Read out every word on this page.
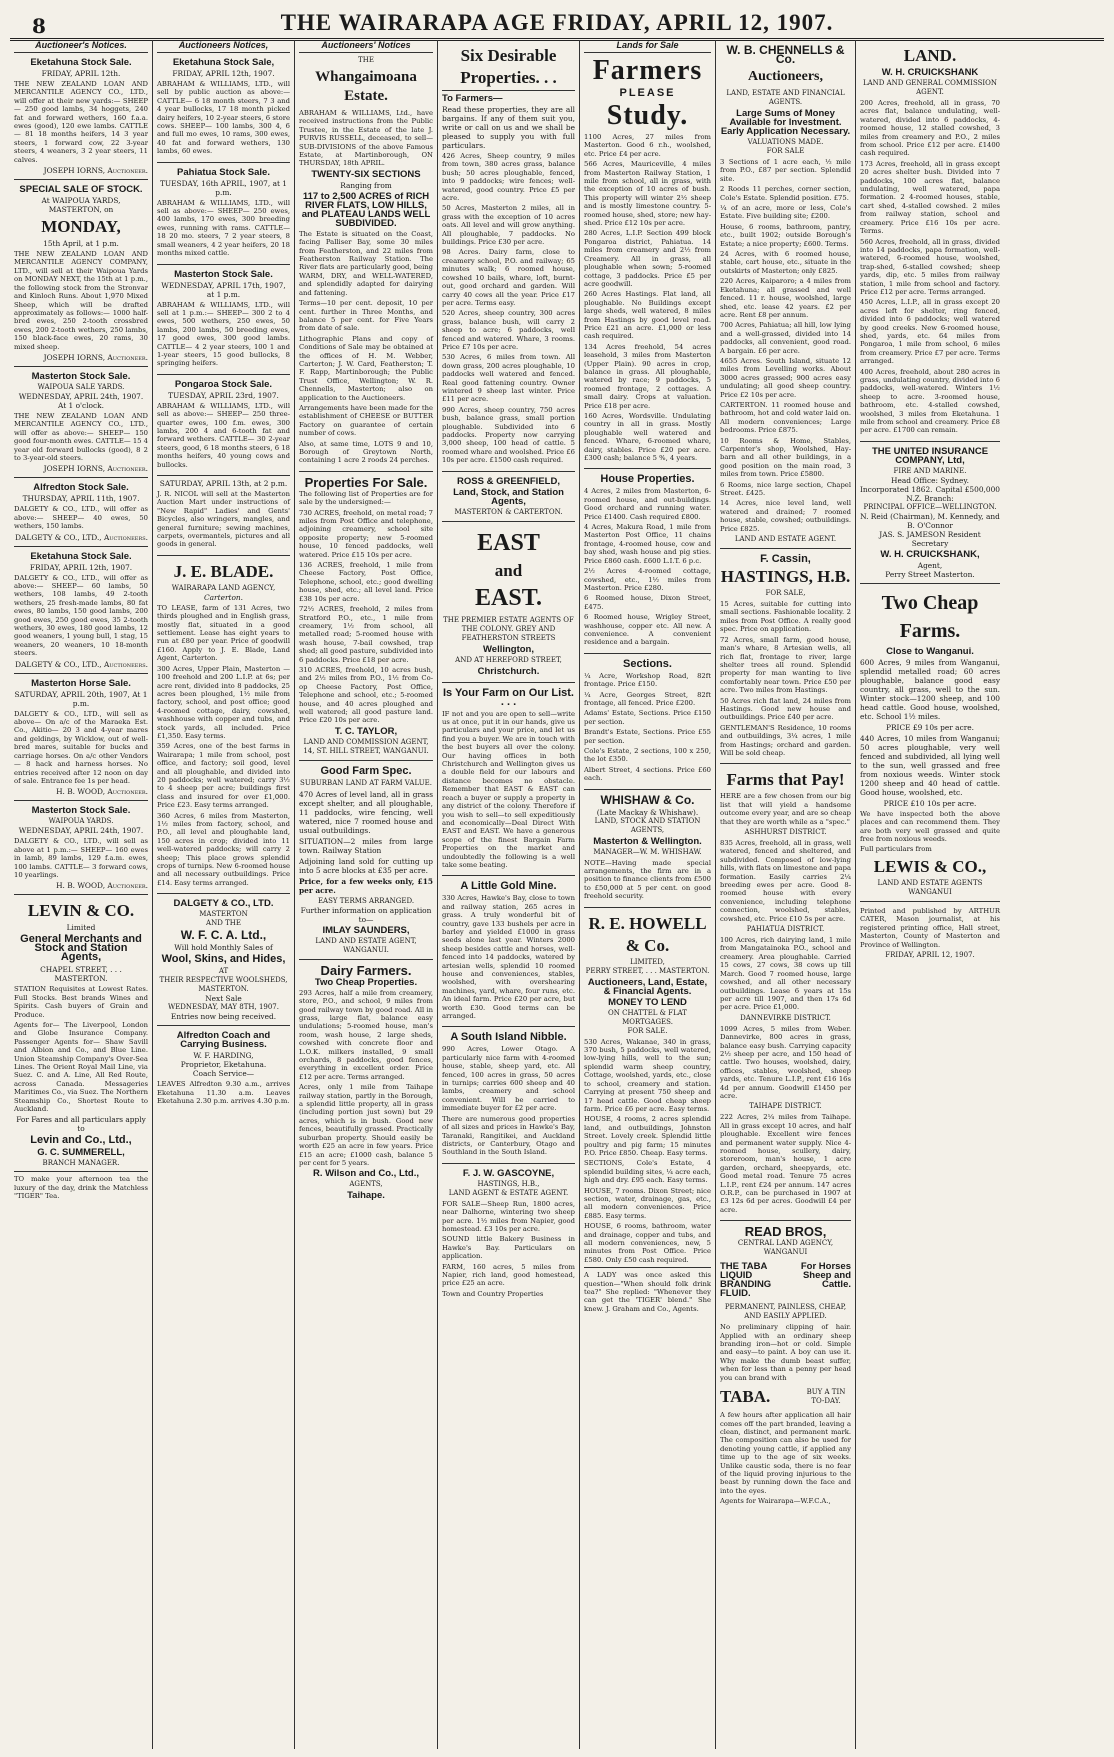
8	THE WAIRARAPA AGE FRIDAY, APRIL 12, 1907.
Auctioneer's Notices.
Eketahuna Stock Sale.
FRIDAY, APRIL 12th.
THE NEW ZEALAND LOAN AND MERCANTILE AGENCY CO., LTD., will offer at their new yards:— SHEEP— 250 good lambs, 34 hoggets, 240 fat and forward wethers, 160 f.a.a. ewes (good), 120 ewe lambs. CATTLE— 81 18 months heifers, 14 3 year steers, 1 forward cow, 22 3-year steers, 4 weaners, 3 2 year steers, 11 calves.
JOSEPH IORNS, Auctioneer.
SPECIAL SALE OF STOCK.
At WAIPOUA YARDS, MASTERTON, on
MONDAY,
15th April, at 1 p.m.
THE NEW ZEALAND LOAN AND MERCANTILE AGENCY COMPANY, LTD., will sell at their Waipoua Yards on MONDAY NEXT, the 15th at 1 p.m., the following stock from the Stronvar and Kinloch Runs. About 1,970 Mixed Sheep, which will be drafted approximately as follows:— 1000 half-bred ewes, 250 2-tooth crossbred ewes, 200 2-tooth wethers, 250 lambs, 150 black-face ewes, 20 rams, 30 mixed sheep.
JOSEPH IORNS, Auctioneer.
Masterton Stock Sale.
WAIPOUA SALE YARDS.
WEDNESDAY, APRIL 24th, 1907. At 1 o'clock.
THE NEW ZEALAND LOAN AND MERCANTILE AGENCY CO., LTD., will offer as above:— SHEEP— 150 good four-month ewes. CATTLE— 15 4 year old forward bullocks (good), 8 2 to 3-year-old steers.
JOSEPH IORNS, Auctioneer.
Alfredton Stock Sale.
THURSDAY, APRIL 11th, 1907.
DALGETY & CO., LTD., will offer as above:— SHEEP— 40 ewes, 50 wethers, 150 lambs.
DALGETY & CO., LTD., Auctioneers.
Eketahuna Stock Sale.
FRIDAY, APRIL 12th, 1907.
DALGETY & CO., LTD., will offer as above:— SHEEP— 60 lambs, 50 wethers, 108 lambs, 49 2-tooth wethers, 25 fresh-made lambs, 80 fat ewes, 80 lambs, 150 good lambs, 200 good ewes, 250 good ewes, 35 2-tooth wethers, 30 ewes, 180 good lambs, 12 good weaners, 1 young bull, 1 stag, 15 weaners, 20 weaners, 10 18-month steers.
DALGETY & CO., LTD., Auctioneers.
Masterton Horse Sale.
SATURDAY, APRIL 20th, 1907, At 1 p.m.
DALGETY & CO., LTD., will sell as above— On a/c of the Maraeka Est. Co., Akitio— 20 3 and 4-year mares and geldings, by Wicklow, out of well-bred mares, suitable for bucks and carriage horses. On a/c other Vendors— 8 hack and harness horses. No entries received after 12 noon on day of sale. Entrance fee 1s per head.
H. B. WOOD, Auctioneer.
Masterton Stock Sale.
WAIPOUA YARDS.
WEDNESDAY, APRIL 24th, 1907.
DALGETY & CO., LTD., will sell as above at 1 p.m.:— SHEEP— 160 ewes in lamb, 89 lambs, 129 f.a.m. ewes, 100 lambs. CATTLE— 3 forward cows, 10 yearlings.
H. B. WOOD, Auctioneer.
LEVIN & CO.
Limited
General Merchants and Stock and Station Agents,
CHAPEL STREET, . . . MASTERTON.
STATION Requisites at Lowest Rates. Full Stocks. Best brands Wines and Spirits. Cash buyers of Grain and Produce.
Agents for— The Liverpool, London and Globe Insurance Company. Passenger Agents for— Shaw Savill and Albion and Co., and Blue Line. Union Steamship Company's Over-Sea Lines. The Orient Royal Mail Line, via Suez. C. and A. Line, All Red Route, across Canada. Messageries Maritimes Co., via Suez. The Northern Steamship Co., Shortest Route to Auckland.
For Fares and all particulars apply to
Levin and Co., Ltd.,
G. C. SUMMERELL,
BRANCH MANAGER.
TO make your afternoon tea the luxury of the day, drink the Matchless "TIGER" Tea.
Auctioneers Notices,
Eketahuna Stock Sale,
FRIDAY, APRIL 12th, 1907.
ABRAHAM & WILLIAMS, LTD., will sell by public auction as above:— CATTLE— 6 18 month steers, 7 3 and 4 year bullocks, 17 18 month picked dairy heifers, 10 2-year steers, 6 store cows. SHEEP— 100 lambs, 300 4, 6 and full mo ewes, 10 rams, 300 ewes, 40 fat and forward wethers, 130 lambs, 60 ewes.
Pahiatua Stock Sale.
TUESDAY, 16th APRIL, 1907, at 1 p.m.
ABRAHAM & WILLIAMS, LTD., will sell as above:— SHEEP— 250 ewes, 400 lambs, 170 ewes, 300 breeding ewes, running with rams. CATTLE— 18 20 mo. steers, 7 2 year steers, 8 small weaners, 4 2 year heifers, 20 18 months mixed cattle.
Masterton Stock Sale.
WEDNESDAY, APRIL 17th, 1907, at 1 p.m.
ABRAHAM & WILLIAMS, LTD., will sell at 1 p.m.:— SHEEP— 300 2 to 4 ewes, 500 wethers, 250 ewes, 50 lambs, 200 lambs, 50 breeding ewes, 17 good ewes, 300 good lambs. CATTLE— 4 2 year steers, 100 1 and 1-year steers, 15 good bullocks, 8 springing heifers.
Pongaroa Stock Sale.
TUESDAY, APRIL 23rd, 1907.
ABRAHAM & WILLIAMS, LTD., will sell as above:— SHEEP— 250 three-quarter ewes, 100 f.m. ewes, 300 lambs, 200 4 and 6-tooth fat and forward wethers. CATTLE— 30 2-year steers, good, 6 18 months steers, 6 18 months heifers, 40 young cows and bullocks.
SATURDAY, APRIL 13th, at 2 p.m.
J. R. NICOL will sell at the Masterton Auction Mart under instructions of "New Rapid" Ladies' and Gents' Bicycles, also wringers, mangles, and general furniture; sewing machines, carpets, overmantels, pictures and all goods in general.
J. E. BLADE.
WAIRARAPA LAND AGENCY,
Carterton.
TO LEASE, farm of 131 Acres, two thirds ploughed and in English grass, mostly flat, situated in a good settlement. Lease has eight years to run at £80 per year. Price of goodwill £160. Apply to J. E. Blade, Land Agent, Carterton.
300 Acres, Upper Plain, Masterton — 100 freehold and 200 L.I.P. at 6s; per acre rent, divided into 8 paddocks, 25 acres been ploughed, 1½ mile from factory, school, and post office; good 4-roomed cottage, dairy, cowshed, washhouse with copper and tubs, and stock yards, all included. Price £1,350. Easy terms.
359 Acres, one of the best farms in Wairarapa; 1 mile from school, post office, and factory; soil good, level and all ploughable, and divided into 20 paddocks; well watered; carry 3½ to 4 sheep per acre; buildings first class and insured for over £1,000. Price £23. Easy terms arranged.
360 Acres, 6 miles from Masterton, 1½ miles from factory, school, and P.O., all level and ploughable land, 150 acres in crop; divided into 11 well-watered paddocks; will carry 2 sheep; This place grows splendid crops of turnips. New 6-roomed house and all necessary outbuildings. Price £14. Easy terms arranged.
DALGETY & CO., LTD.
MASTERTON
AND THE
W. F. C. A. Ltd.,
Will hold Monthly Sales of
Wool, Skins, and Hides,
AT
THEIR RESPECTIVE WOOLSHEDS, MASTERTON.
Next Sale
WEDNESDAY, MAY 8TH, 1907.
Entries now being received.
Alfredton Coach and Carrying Business.
W. F. HARDING,
Proprietor, Eketahuna.
Coach Service—
LEAVES Alfredton 9.30 a.m., arrives Eketahuna 11.30 a.m. Leaves Eketahuna 2.30 p.m. arrives 4.30 p.m.
Auctioneers' Notices
THE
Whangaimoana Estate.
ABRAHAM & WILLIAMS, Ltd., have received instructions from the Public Trustee, in the Estate of the late J. PURVIS RUSSELL, deceased, to sell— SUB-DIVISIONS of the above Famous Estate, at Martinborough, ON THURSDAY, 18th APRIL.
TWENTY-SIX SECTIONS
Ranging from
117 to 2,500 ACRES of RICH RIVER FLATS, LOW HILLS, and PLATEAU LANDS WELL SUBDIVIDED.
The Estate is situated on the Coast, facing Palliser Bay, some 30 miles from Featherston, and 22 miles from Featherston Railway Station. The River flats are particularly good, being WARM, DRY, and WELL-WATERED, and splendidly adapted for dairying and fattening.
Terms—10 per cent. deposit, 10 per cent. further in Three Months, and balance 5 per cent. for Five Years from date of sale.
Lithographic Plans and copy of Conditions of Sale may be obtained at the offices of H. M. Webber, Carterton; J. W. Card, Featherston; T. F. Rapp, Martinborough; the Public Trust Office, Wellington; W. R. Chennells, Masterton; also on application to the Auctioneers.
Arrangements have been made for the establishment of CHEESE or BUTTER Factory on guarantee of certain number of cows.
Also, at same time, LOTS 9 and 10, Borough of Greytown North, containing 1 acre 2 roods 24 perches.
Properties For Sale.
The following list of Properties are for sale by the undersigned:—
730 ACRES, freehold, on metal road; 7 miles from Post Office and telephone, adjoining creamery, school site opposite property; new 5-roomed house, 10 fenced paddocks, well watered. Price £15 10s per acre.
136 ACRES, freehold, 1 mile from Cheese Factory, Post Office, Telephone, school, etc.; good dwelling house, shed, etc.; all level land. Price £38 10s per acre.
72½ ACRES, freehold, 2 miles from Stratford P.O., etc., 1 mile from creamery, 1½ from school, all metalled road; 5-roomed house with wash house, 7-bail cowshed, trap shed; all good pasture, subdivided into 6 paddocks. Price £18 per acre.
310 ACRES, freehold, 10 acres bush, and 2½ miles from P.O., 1½ from Co-op Cheese Factory, Post Office, Telephone and school, etc.; 5-roomed house, and 40 acres ploughed and well watered; all good pasture land. Price £20 10s per acre.
T. C. TAYLOR,
LAND AND COMMISSION AGENT, 14, ST. HILL STREET, WANGANUI.
Good Farm Spec.
SUBURBAN LAND AT FARM VALUE.
470 Acres of level land, all in grass except shelter, and all ploughable, 11 paddocks, wire fencing, well watered, nice 7 roomed house and usual outbuildings.
SITUATION—2 miles from large town. Railway Station
Adjoining land sold for cutting up into 5 acre blocks at £35 per acre.
Price, for a few weeks only, £15 per acre.
EASY TERMS ARRANGED.
Further information on application to—
IMLAY SAUNDERS,
LAND AND ESTATE AGENT, WANGANUI.
Dairy Farmers.
Two Cheap Properties.
293 Acres, half a mile from creamery, store, P.O., and school, 9 miles from good railway town by good road. All in grass, large flat, balance easy undulations; 5-roomed house, man's room, wash house, 2 large sheds, cowshed with concrete floor and L.O.K. milkers installed, 9 small orchards, 8 paddocks, good fences, everything in excellent order. Price £12 per acre. Terms arranged.
Acres, only 1 mile from Taihape railway station, partly in the Borough, a splendid little property, all in grass (including portion just sown) but 29 acres, which is in bush. Good new fences, beautifully grassed. Practically suburban property. Should easily be worth £25 an acre in few years. Price £15 an acre; £1000 cash, balance 5 per cent for 5 years.
R. Wilson and Co., Ltd.,
AGENTS,
Taihape.
Six Desirable
Properties. . .
To Farmers—
Read these properties, they are all bargains. If any of them suit you, write or call on us and we shall be pleased to supply you with full particulars.
426 Acres, Sheep country, 9 miles from town, 380 acres grass, balance bush; 50 acres ploughable, fenced, into 9 paddocks; wire fences; well-watered, good country. Price £5 per acre.
50 Acres, Masterton 2 miles, all in grass with the exception of 10 acres oats. All level and will grow anything. All ploughable, 7 paddocks. No buildings. Price £30 per acre.
98 Acres. Dairy farm, close to creamery school, P.O. and railway; 65 minutes walk; 6 roomed house, cowshed 10 bails, whare, loft, burnt-out, good orchard and garden. Will carry 40 cows all the year. Price £17 per acre. Terms easy.
520 Acres, sheep country, 300 acres grass, balance bush, will carry 2 sheep to acre; 6 paddocks, well fenced and watered. Whare, 3 rooms. Price £7 10s per acre.
530 Acres, 6 miles from town. All down grass, 200 acres ploughable, 10 paddocks well watered and fenced. Real good fattening country. Owner wintered 9 sheep last winter. Price £11 per acre.
990 Acres, sheep country, 750 acres bush, balance grass, small portion ploughable. Subdivided into 6 paddocks. Property now carrying 3,000 sheep, 100 head of cattle. 5 roomed whare and woolshed. Price £6 10s per acre. £1500 cash required.
ROSS & GREENFIELD,
Land, Stock, and Station Agents,
MASTERTON & CARTERTON.
EAST
and
EAST.
THE PREMIER ESTATE AGENTS OF THE COLONY. GREY AND FEATHERSTON STREETS
Wellington,
AND AT HEREFORD STREET,
Christchurch.
Is Your Farm on Our List. . . .
IF not and you are open to sell—write us at once, put it in our hands, give us particulars and your price, and let us find you a buyer. We are in touch with the best buyers all over the colony. Our having offices in both Christchurch and Wellington gives us a double field for our labours and distance becomes no obstacle. Remember that EAST & EAST can reach a buyer or supply a property in any district of the colony. Therefore if you wish to sell—to sell expeditiously and economically—Deal Direct With EAST and EAST. We have a generous scope of the finest Bargain Farm Properties on the market and undoubtedly the following is a well take some beating.
A Little Gold Mine.
330 Acres, Hawke's Bay, close to town and railway station, 265 acres in grass. A truly wonderful bit of country, gave 133 bushels per acre in barley and yielded £1000 in grass seeds alone last year. Winters 2000 sheep besides cattle and horses, well-fenced into 14 paddocks, watered by artesian wells, splendid 10 roomed house and conveniences, stables, woolshed, with overshearing machines, yard, whare, four runs, etc. An ideal farm. Price £20 per acre, but worth £30. Good terms can be arranged.
A South Island Nibble.
990 Acres, Lower Otago. A particularly nice farm with 4-roomed house, stable, sheep yard, etc. All fenced, 100 acres in grass, 50 acres in turnips; carries 600 sheep and 40 lambs, creamery and school convenient. Will be carried to immediate buyer for £2 per acre.
There are numerous good properties of all sizes and prices in Hawke's Bay, Taranaki, Rangitikei, and Auckland districts, or Canterbury, Otago and Southland in the South Island.
F. J. W. GASCOYNE,
HASTINGS, H.B.,
LAND AGENT & ESTATE AGENT.
FOR SALE—Sheep Run, 1800 acres, near Dalhorne, wintering two sheep per acre. 1½ miles from Napier, good homestead. £3 10s per acre.
SOUND little Bakery Business in Hawke's Bay. Particulars on application.
FARM, 160 acres, 5 miles from Napier, rich land, good homestead, price £25 an acre.
Town and Country Properties
Lands for Sale
Farmers
PLEASE
Study.
1100 Acres, 27 miles from Masterton. Good 6 r.h., woolshed, etc. Price £4 per acre.
566 Acres, Mauriceville, 4 miles from Masterton Railway Station, 1 mile from school, all in grass, with the exception of 10 acres of bush. This property will winter 2½ sheep and is mostly limestone country. 5-roomed house, shed, store; new hay-shed. Price £12 10s per acre.
280 Acres, L.I.P. Section 499 block Pongaroa district, Pahiatua. 14 miles from creamery and 2½ from Creamery. All in grass, all ploughable when sown; 5-roomed cottage, 3 paddocks. Price £5 per acre goodwill.
260 Acres Hastings. Flat land, all ploughable. No Buildings except large sheds, well watered, 8 miles from Hastings by good level road. Price £21 an acre. £1,000 or less cash required.
134 Acres freehold, 54 acres leasehold, 3 miles from Masterton (Upper Plain). 90 acres in crop, balance in grass. All ploughable, watered by race; 9 paddocks, 5 roomed frontage, 2 cottages. A small dairy. Crops at valuation. Price £18 per acre.
160 Acres, Wordsville. Undulating country in all in grass. Mostly ploughable well watered and fenced. Whare, 6-roomed whare, dairy, stables. Price £20 per acre. £300 cash; balance 5 %, 4 years.
House Properties.
4 Acres, 2 miles from Masterton, 6-roomed house, and out-buildings. Good orchard and running water. Price £1400. Cash required £800.
4 Acres, Makura Road, 1 mile from Masterton Post Office, 11 chains frontage, 4-roomed house, cow and bay shed, wash house and pig sties. Price £860 cash. £600 L.I.T. 6 p.c.
2½ Acres 4-roomed cottage, cowshed, etc., 1½ miles from Masterton. Price £280.
6 Roomed house, Dixon Street, £475.
6 Roomed house, Wrigley Street, washhouse, copper etc. All new. A convenience. A convenient residence and a bargain.
Sections.
¼ Acre, Workshop Road, 82ft frontage. Price £150.
¼ Acre, Georges Street, 82ft frontage, all fenced. Price £200.
Adams' Estate, Sections. Price £150 per section.
Brandt's Estate, Sections. Price £55 per section.
Cole's Estate, 2 sections, 100 x 250, the lot £350.
Albert Street, 4 sections. Price £60 each.
WHISHAW & Co.
(Late Mackay & Whishaw).
LAND, STOCK AND STATION AGENTS,
Masterton & Wellington.
MANAGER—W. M. WHISHAW.
NOTE—Having made special arrangements, the firm are in a position to finance clients from £500 to £50,000 at 5 per cent. on good freehold security.
R. E. HOWELL
& Co.
LIMITED,
PERRY STREET, . . . MASTERTON.
Auctioneers, Land, Estate, & Financial Agents.
MONEY TO LEND
ON CHATTEL & FLAT MORTGAGES.
FOR SALE.
530 Acres, Wakanae, 340 in grass, 370 bush, 5 paddocks, well watered, low-lying hills, well to the sun; splendid warm sheep country, Cottage, woolshed, yards, etc., close to school, creamery and station. Carrying at present 750 sheep and 17 head cattle. Good cheap sheep farm. Price £6 per acre. Easy terms.
HOUSE, 4 rooms, 2 acres splendid land, and outbuildings, Johnston Street. Lovely creek. Splendid little poultry and pig farm; 15 minutes P.O. Price £850. Cheap. Easy terms.
SECTIONS, Cole's Estate, 4 splendid building sites, ¼ acre each, high and dry. £95 each. Easy terms.
HOUSE, 7 rooms. Dixon Street; nice section, water, drainage, gas, etc., all modern conveniences. Price £885. Easy terms.
HOUSE, 6 rooms, bathroom, water and drainage, copper and tubs, and all modern conveniences, new, 5 minutes from Post Office. Price £580. Only £50 cash required.
A LADY was once asked this question—"When should folk drink tea?" She replied: "Whenever they can get the 'TIGER' blend." She knew. J. Graham and Co., Agents.
W. B. CHENNELLS & Co.
Auctioneers,
LAND, ESTATE AND FINANCIAL AGENTS.
Large Sums of Money Available for Investment. Early Application Necessary.
VALUATIONS MADE.
FOR SALE
3 Sections of 1 acre each, ½ mile from P.O., £87 per section. Splendid site.
2 Roods 11 perches, corner section, Cole's Estate. Splendid position. £75.
¼ of an acre, more or less, Cole's Estate. Five building site; £200.
House, 6 rooms, bathroom, pantry, etc., built 1902; outside Borough's Estate; a nice property; £600. Terms.
24 Acres, with 6 roomed house, stable, cart house, etc., situate in the outskirts of Masterton; only £825.
220 Acres, Kaiparoro; a 4 miles from Eketahuna; all grassed and well fenced. 11 r. house, woolshed, large shed, etc. lease 42 years. £2 per acre. Rent £8 per annum.
700 Acres, Pahiatua; all hill, low lying and a well-grassed, divided into 14 paddocks, all convenient, good road. A bargain. £6 per acre.
4655 Acres. South Island, situate 12 miles from Levelling works. About 3000 acres grassed; 900 acres easy undulating; all good sheep country. Price £2 10s per acre.
CARTERTON. 11 roomed house and bathroom, hot and cold water laid on. All modern conveniences; Large bedrooms. Price £875.
10 Rooms & Home, Stables, Carpenter's shop, Woolshed, Hay-barn and all other buildings, in a good position on the main road, 3 miles from town. Price £5800.
6 Rooms, nice large section, Chapel Street. £425.
14 Acres, nice level land, well watered and drained; 7 roomed house, stable, cowshed; outbuildings. Price £825.
LAND AND ESTATE AGENT.
F. Cassin,
HASTINGS, H.B.
FOR SALE,
15 Acres, suitable for cutting into small sections. Fashionable locality. 2 miles from Post Office. A really good spec. Price on application.
72 Acres, small farm, good house, man's whare, 8 Artesian wells, all rich flat, frontage to river, large shelter trees all round. Splendid property for man wanting to live comfortably near town. Price £50 per acre. Two miles from Hastings.
50 Acres rich flat land, 24 miles from Hastings. Good new house and outbuildings. Price £40 per acre.
GENTLEMAN'S Residence, 10 rooms and outbuildings, 3¼ acres, 1 mile from Hastings; orchard and garden. Will be sold cheap.
Farms that Pay!
HERE are a few chosen from our big list that will yield a handsome outcome every year, and are so cheap that they are worth while as a "spec."
ASHHURST DISTRICT.
835 Acres, freehold, all in grass, well watered, fenced and sheltered, and subdivided. Composed of low-lying hills, with flats on limestone and papa formation. Easily carries 2¼ breeding ewes per acre. Good 8-roomed house with every convenience, including telephone connection, woolshed, stables, cowshed, etc. Price £10 5s per acre.
PAHIATUA DISTRICT.
100 Acres, rich dairying land, 1 mile from Mangatainoka P.O., school and creamery. Area ploughable. Carried 15 cows, 27 cows, 38 cows up till March. Good 7 roomed house, large cowshed, and all other necessary outbuildings. Lease 6 years at 15s per acre till 1907, and then 17s 6d per acre. Price £1,000.
DANNEVIRKE DISTRICT.
1099 Acres, 5 miles from Weber. Dannevirke, 800 acres in grass, balance easy bush. Carrying capacity 2½ sheep per acre, and 150 head of cattle. Two houses, woolshed, dairy, offices, stables, woolshed, sheep yards, etc. Tenure L.I.P., rent £16 16s 4d per annum. Goodwill £1450 per acre.
TAIHAPE DISTRICT.
222 Acres, 2¼ miles from Taihape. All in grass except 10 acres, and half ploughable. Excellent wire fences and permanent water supply. Nice 4-roomed house, scullery, dairy, storeroom, man's house, 1 acre garden, orchard, sheepyards, etc. Good metal road. Tenure 75 acres L.I.P., rent £24 per annum. 147 acres O.R.P., can be purchased in 1907 at £3 12s 6d per acres. Goodwill £4 per acre.
READ BROS,
CENTRAL LAND AGENCY, WANGANUI
THE TABA LIQUID BRANDING FLUID.
For Horses Sheep and Cattle.
PERMANENT, PAINLESS, CHEAP, AND EASILY APPLIED.
No preliminary clipping of hair. Applied with an ordinary sheep branding iron—hot or cold. Simple and easy—to paint. A boy can use it. Why make the dumb beast suffer, when for less than a penny per head you can brand with
TABA.	BUY A TIN TO-DAY.
A few hours after application all hair comes off the part branded, leaving a clean, distinct, and permanent mark. The composition can also be used for denoting young cattle, if applied any time up to the age of six weeks. Unlike caustic soda, there is no fear of the liquid proving injurious to the beast by running down the face and into the eyes.
Agents for Wairarapa—W.F.C.A.,
LAND.
W. H. CRUICKSHANK
LAND AND GENERAL COMMISSION AGENT.
200 Acres, freehold, all in grass, 70 acres flat, balance undulating, well-watered, divided into 6 paddocks, 4-roomed house, 12 stalled cowshed, 3 miles from creamery and P.O., 2 miles from school. Price £12 per acre. £1400 cash required.
173 Acres, freehold, all in grass except 20 acres shelter bush. Divided into 7 paddocks, 100 acres flat, balance undulating, well watered, papa formation. 2 4-roomed houses, stable, cart shed, 4-stalled cowshed. 2 miles from railway station, school and creamery. Price £16 10s per acre. Terms.
560 Acres, freehold, all in grass, divided into 14 paddocks, papa formation, well-watered, 6-roomed house, woolshed, trap-shed, 6-stalled cowshed; sheep yards, dip, etc. 5 miles from railway station, 1 mile from school and factory. Price £12 per acre. Terms arranged.
450 Acres, L.I.P., all in grass except 20 acres left for shelter, ring fenced, divided into 6 paddocks; well watered by good creeks. New 6-roomed house, shed, yards, etc. 64 miles from Pongaroa, 1 mile from school, 6 miles from creamery. Price £7 per acre. Terms arranged.
400 Acres, freehold, about 280 acres in grass, undulating country, divided into 6 paddocks, well-watered. Winters 1½ sheep to acre. 3-roomed house, bathroom, etc. 4-stalled cowshed, woolshed, 3 miles from Eketahuna. 1 mile from school and creamery. Price £8 per acre. £1700 can remain.
THE UNITED INSURANCE COMPANY, Ltd,
FIRE AND MARINE.
Head Office: Sydney.
Incorporated 1862. Capital £500,000
N.Z. Branch:
PRINCIPAL OFFICE—WELLINGTON.
N. Reid (Chairman), M. Kennedy, and B. O'Connor
JAS. S. JAMESON Resident Secretary
W. H. CRUICKSHANK,
Agent,
Perry Street Masterton.
Two Cheap
Farms.
Close to Wanganui.
600 Acres, 9 miles from Wanganui, splendid metalled road; 60 acres ploughable, balance good easy country, all grass, well to the sun. Winter stock—1200 sheep, and 100 head cattle. Good house, woolshed, etc. School 1½ miles.
PRICE £9 10s per acre.
440 Acres, 10 miles from Wanganui; 50 acres ploughable, very well fenced and subdivided, all lying well to the sun, well grassed and free from noxious weeds. Winter stock 1200 sheep and 40 head of cattle. Good house, woolshed, etc.
PRICE £10 10s per acre.
We have inspected both the above places and can recommend them. They are both very well grassed and quite free from noxious weeds.
Full particulars from
LEWIS & CO.,
LAND AND ESTATE AGENTS
WANGANUI
Printed and published by ARTHUR CATER, Mason journalist, at his registered printing office, Hall street, Masterton, County of Masterton and Province of Wellington.
FRIDAY, APRIL 12, 1907.
